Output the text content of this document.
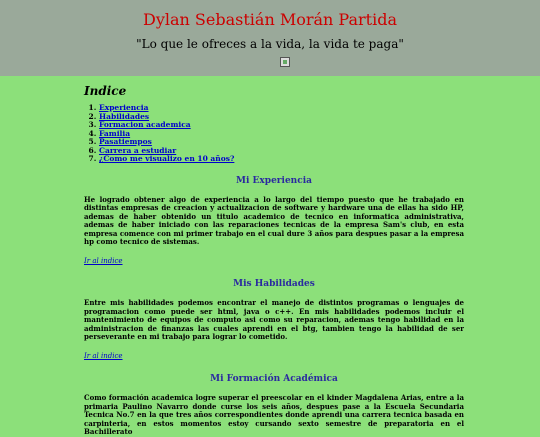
Dylan Sebastián Morán Partida
"Lo que le ofreces a la vida, la vida te paga"
Indice
1. Experiencia
2. Habilidades
3. Formacion academica
4. Familia
5. Pasatiempos
6. Carrera a estudiar
7. ¿Como me visualizo en 10 años?
Mi Experiencia

He logrado obtener algo de experiencia a lo largo del tiempo puesto que he trabajado en distintas empresas de creacion y actualizacion de software y hardware una de ellas ha sido HP, ademas de haber obtenido un titulo academico de tecnico en informatica administrativa, ademas de haber iniciado con las reparaciones tecnicas de la empresa Sam's club, en esta empresa comence con mi primer trabajo en el cual dure 3 años para despues pasar a la empresa hp como tecnico de sistemas.

Ir al indice
Mis Habilidades

Entre mis habilidades podemos encontrar el manejo de distintos programas o lenguajes de programacion como puede ser html, java o c++. En mis habilidades podemos incluir el mantenimiento de equipos de computo asi como su reparacion, ademas tengo habilidad en la administracion de finanzas las cuales aprendi en el btg, tambien tengo la habilidad de ser perseverante en mi trabajo para lograr lo cometido.

Ir al indice
Mi Formación Académica

Como formación academica logre superar el preescolar en el kinder Magdalena Arias, entre a la primaria Paulino Navarro donde curse los seis años, despues pase a la Escuela Secundaria Tecnica No.7 en la que tres años correspondientes donde aprendi una carrera tecnica basada en carpinteria, en estos momentos estoy cursando sexto semestre de preparatoria en el Bachillerato
